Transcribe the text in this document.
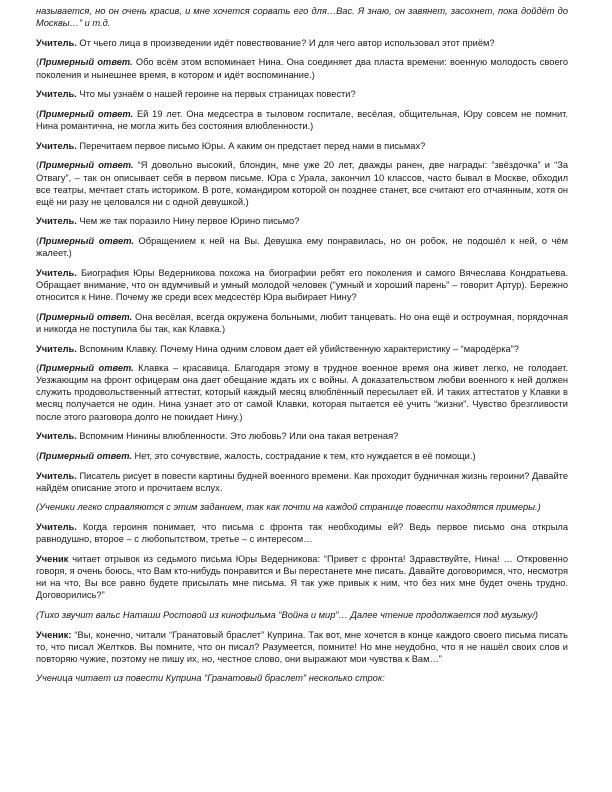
называется, но он очень красив, и мне хочется сорвать его для…Вас. Я знаю, он завянет, засохнет, пока дойдёт до Москвы…” и т.д.

Учитель. От чьего лица в произведении идёт повествование? И для чего автор использовал этот приём?

(Примерный ответ. Обо всём этом вспоминает Нина. Она соединяет два пласта времени: военную молодость своего поколения и нынешнее время, в котором и идёт воспоминание.)

Учитель. Что мы узнаём о нашей героине на первых страницах повести?

(Примерный ответ. Ей 19 лет. Она медсестра в тыловом госпитале, весёлая, общительная, Юру совсем не помнит. Нина романтична, не могла жить без состояния влюбленности.)

Учитель. Перечитаем первое письмо Юры. А каким он предстает перед нами в письмах?

(Примерный ответ. “Я довольно высокий, блондин, мне уже 20 лет, дважды ранен, две награды: “звёздочка” и “За Отвагу”, – так он описывает себя в первом письме. Юра с Урала, закончил 10 классов, часто бывал в Москве, обходил все театры, мечтает стать историком. В роте, командиром которой он позднее станет, все считают его отчаянным, хотя он ещё ни разу не целовался ни с одной девушкой.)

Учитель. Чем же так поразило Нину первое Юрино письмо?

(Примерный ответ. Обращением к ней на Вы. Девушка ему понравилась, но он робок, не подошёл к ней, о чём жалеет.)

Учитель. Биография Юры Ведерникова похожа на биографии ребят его поколения и самого Вячеслава Кондратьева. Обращает внимание, что он вдумчивый и умный молодой человек (“умный и хороший парень” – говорит Артур). Бережно относится к Нине. Почему же среди всех медсестёр Юра выбирает Нину?

(Примерный ответ. Она весёлая, всегда окружена больными, любит танцевать. Но она ещё и остроумная, порядочная и никогда не поступила бы так, как Клавка.)

Учитель. Вспомним Клавку. Почему Нина одним словом дает ей убийственную характеристику – “мародёрка”?

(Примерный ответ. Клавка – красавица. Благодаря этому в трудное военное время она живет легко, не голодает. Уезжающим на фронт офицерам она дает обещание ждать их с войны. А доказательством любви военного к ней должен служить продовольственный аттестат, который каждый месяц влюблённый пересылает ей. И таких аттестатов у Клавки в месяц получается не один. Нина узнает это от самой Клавки, которая пытается её учить “жизни”. Чувство брезгливости после этого разговора долго не покидает Нину.)

Учитель. Вспомним Нинины влюбленности. Это любовь? Или она такая ветреная?

(Примерный ответ. Нет, это сочувствие, жалость, сострадание к тем, кто нуждается в её помощи.)

Учитель. Писатель рисует в повести картины будней военного времени. Как проходит будничная жизнь героини? Давайте найдём описание этого и прочитаем вслух.

(Ученики легко справляются с этим заданием, так как почти на каждой странице повести находятся примеры.)

Учитель. Когда героиня понимает, что письма с фронта так необходимы ей? Ведь первое письмо она открыла равнодушно, второе – с любопытством, третье – с интересом…

Ученик читает отрывок из седьмого письма Юры Ведерникова: “Привет с фронта! Здравствуйте, Нина! … Откровенно говоря, я очень боюсь, что Вам кто-нибудь понравится и Вы перестанете мне писать. Давайте договоримся, что, несмотря ни на что, Вы все равно будете присылать мне письма. Я так уже привык к ним, что без них мне будет очень трудно. Договорились?”

(Тихо звучит вальс Наташи Ростовой из кинофильма “Война и мир”… Далее чтение продолжается под музыку/)

Ученик: “Вы, конечно, читали “Гранатовый браслет” Куприна. Так вот, мне хочется в конце каждого своего письма писать то, что писал Желтков. Вы помните, что он писал? Разумеется, помните! Но мне неудобно, что я не нашёл своих слов и повторяю чужие, поэтому не пишу их, но, честное слово, они выражают мои чувства к Вам…”

Ученица читает из повести Куприна “Гранатовый браслет” несколько строк:
